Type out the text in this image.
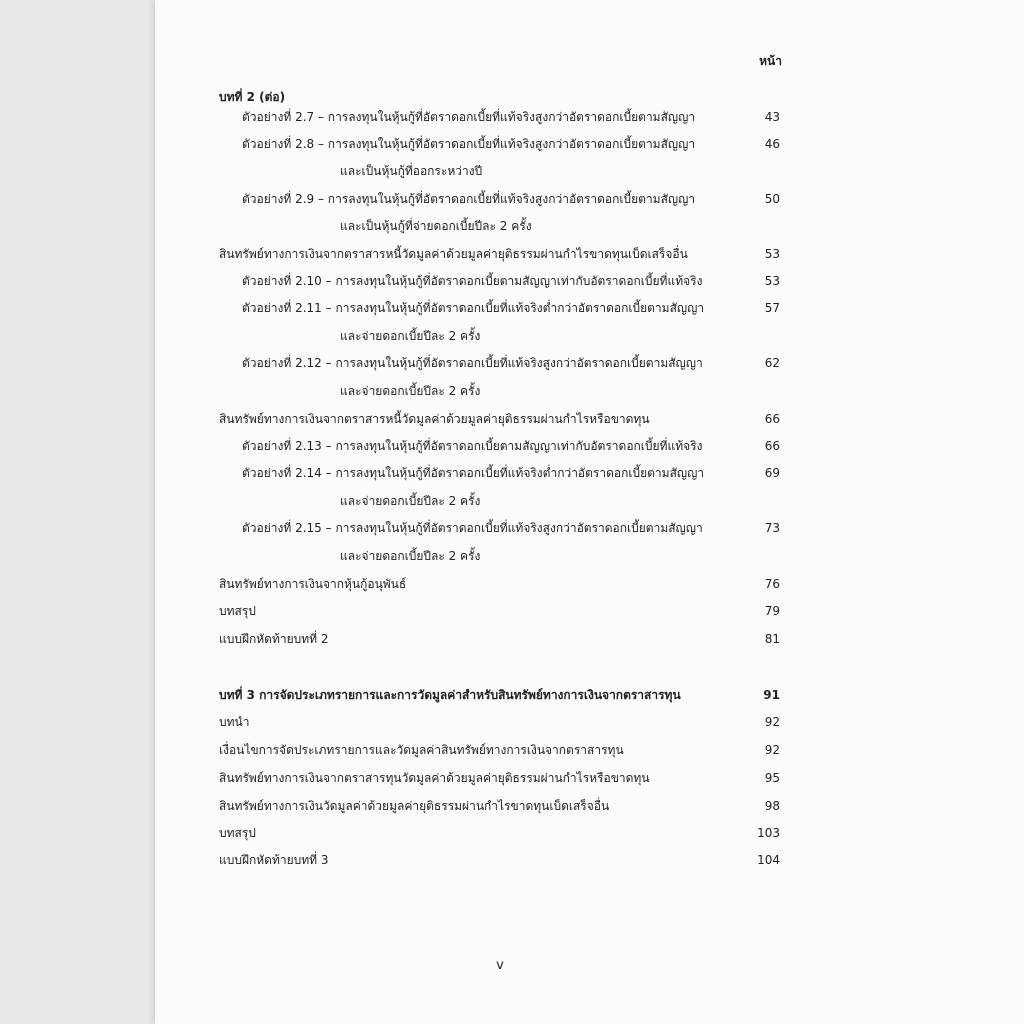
หน้า
บทที่ 2 (ต่อ)
ตัวอย่างที่ 2.7 – การลงทุนในหุ้นกู้ที่อัตราดอกเบี้ยที่แท้จริงสูงกว่าอัตราดอกเบี้ยตามสัญญา	43
ตัวอย่างที่ 2.8 – การลงทุนในหุ้นกู้ที่อัตราดอกเบี้ยที่แท้จริงสูงกว่าอัตราดอกเบี้ยตามสัญญา	46
และเป็นหุ้นกู้ที่ออกระหว่างปี
ตัวอย่างที่ 2.9 – การลงทุนในหุ้นกู้ที่อัตราดอกเบี้ยที่แท้จริงสูงกว่าอัตราดอกเบี้ยตามสัญญา	50
และเป็นหุ้นกู้ที่จ่ายดอกเบี้ยปีละ 2 ครั้ง
สินทรัพย์ทางการเงินจากตราสารหนี้วัดมูลค่าด้วยมูลค่ายุติธรรมผ่านกำไรขาดทุนเบ็ดเสร็จอื่น	53
ตัวอย่างที่ 2.10 – การลงทุนในหุ้นกู้ที่อัตราดอกเบี้ยตามสัญญาเท่ากับอัตราดอกเบี้ยที่แท้จริง	53
ตัวอย่างที่ 2.11 – การลงทุนในหุ้นกู้ที่อัตราดอกเบี้ยที่แท้จริงต่ำกว่าอัตราดอกเบี้ยตามสัญญา	57
และจ่ายดอกเบี้ยปีละ 2 ครั้ง
ตัวอย่างที่ 2.12 – การลงทุนในหุ้นกู้ที่อัตราดอกเบี้ยที่แท้จริงสูงกว่าอัตราดอกเบี้ยตามสัญญา	62
และจ่ายดอกเบี้ยปีละ 2 ครั้ง
สินทรัพย์ทางการเงินจากตราสารหนี้วัดมูลค่าด้วยมูลค่ายุติธรรมผ่านกำไรหรือขาดทุน	66
ตัวอย่างที่ 2.13 – การลงทุนในหุ้นกู้ที่อัตราดอกเบี้ยตามสัญญาเท่ากับอัตราดอกเบี้ยที่แท้จริง	66
ตัวอย่างที่ 2.14 – การลงทุนในหุ้นกู้ที่อัตราดอกเบี้ยที่แท้จริงต่ำกว่าอัตราดอกเบี้ยตามสัญญา	69
และจ่ายดอกเบี้ยปีละ 2 ครั้ง
ตัวอย่างที่ 2.15 – การลงทุนในหุ้นกู้ที่อัตราดอกเบี้ยที่แท้จริงสูงกว่าอัตราดอกเบี้ยตามสัญญา	73
และจ่ายดอกเบี้ยปีละ 2 ครั้ง
สินทรัพย์ทางการเงินจากหุ้นกู้อนุพันธ์	76
บทสรุป	79
แบบฝึกหัดท้ายบทที่ 2	81
บทที่ 3 การจัดประเภทรายการและการวัดมูลค่าสำหรับสินทรัพย์ทางการเงินจากตราสารทุน	91
บทนำ	92
เงื่อนไขการจัดประเภทรายการและวัดมูลค่าสินทรัพย์ทางการเงินจากตราสารทุน	92
สินทรัพย์ทางการเงินจากตราสารทุนวัดมูลค่าด้วยมูลค่ายุติธรรมผ่านกำไรหรือขาดทุน	95
สินทรัพย์ทางการเงินวัดมูลค่าด้วยมูลค่ายุติธรรมผ่านกำไรขาดทุนเบ็ดเสร็จอื่น	98
บทสรุป	103
แบบฝึกหัดท้ายบทที่ 3	104
v
